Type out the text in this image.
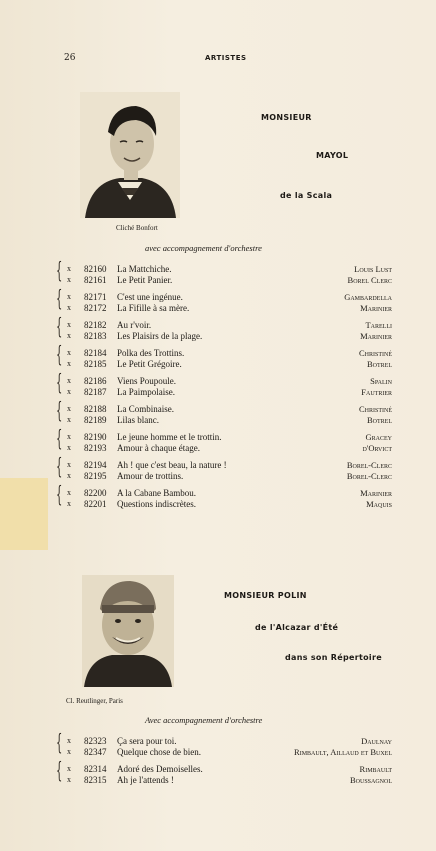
26	ARTISTES
Cliché Bonfort
MONSIEUR
MAYOL
de la Scala
avec accompagnement d'orchestre
{
{
{
{
{
{
{
{
{
x 82160 La Mattchiche.	Louis Lust
x 82161 Le Petit Panier.	Borel Clerc
x 82171 C'est une ingénue.	Gambardella
x 82172 La Fifille à sa mère.	Marinier
x 82182 Au r'voir.	Tarelli
x 82183 Les Plaisirs de la plage.	Marinier
x 82184 Polka des Trottins.	Christiné
x 82185 Le Petit Grégoire.	Botrel
x 82186 Viens Poupoule.	Spalin
x 82187 La Paimpolaise.	Fautrier
x 82188 La Combinaise.	Christiné
x 82189 Lilas blanc.	Botrel
x 82190 Le jeune homme et le trottin.	Gracey
x 82193 Amour à chaque étage.	d'Orvict
x 82194 Ah ! que c'est beau, la nature !	Borel-Clerc
x 82195 Amour de trottins.	Borel-Clerc
x 82200 A la Cabane Bambou.	Marinier
x 82201 Questions indiscrètes.	Maquis
Cl. Reutlinger, Paris
MONSIEUR POLIN
de l'Alcazar d'Été
dans son Répertoire
Avec accompagnement d'orchestre
{
{
x 82323 Ça sera pour toi.	Daulnay
x 82347 Quelque chose de bien.	Rimbault, Aillaud et Buxel
x 82314 Adoré des Demoiselles.	Rimbault
x 82315 Ah je l'attends !	Boussagnol
